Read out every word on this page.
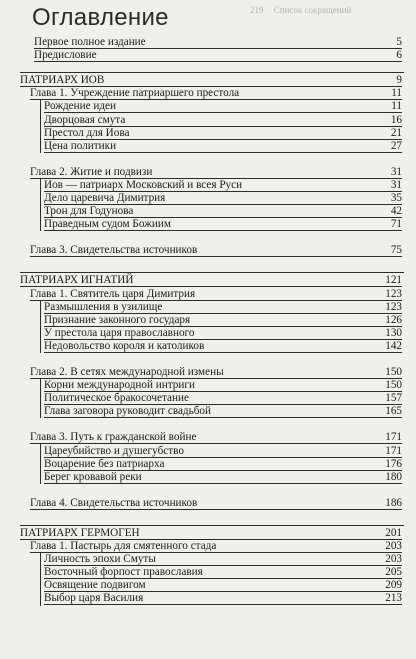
219 Список сокращений
Оглавление
Первое полное издание	5
Предисловие	6
ПАТРИАРХ ИОВ	9
Глава 1. Учреждение патриаршего престола	11
Рождение идеи	11
Дворцовая смута	16
Престол для Иова	21
Цена политики	27
Глава 2. Житие и подвизи	31
Иов — патриарх Московский и всея Руси	31
Дело царевича Димитрия	35
Трон для Годунова	42
Праведным судом Божиим	71
Глава 3. Свидетельства источников	75
ПАТРИАРХ ИГНАТИЙ	121
Глава 1. Святитель царя Димитрия	123
Размышления в узилище	123
Признание законного государя	126
У престола царя православного	130
Недовольство короля и католиков	142
Глава 2. В сетях международной измены	150
Корни международной интриги	150
Политическое бракосочетание	157
Глава заговора руководит свадьбой	165
Глава 3. Путь к гражданской войне	171
Цареубийство и душегубство	171
Воцарение без патриарха	176
Берег кровавой реки	180
Глава 4. Свидетельства источников	186
ПАТРИАРХ ГЕРМОГЕН	201
Глава 1. Пастырь для смятенного стада	203
Личность эпохи Смуты	203
Восточный форпост православия	205
Освящение подвигом	209
Выбор царя Василия	213
